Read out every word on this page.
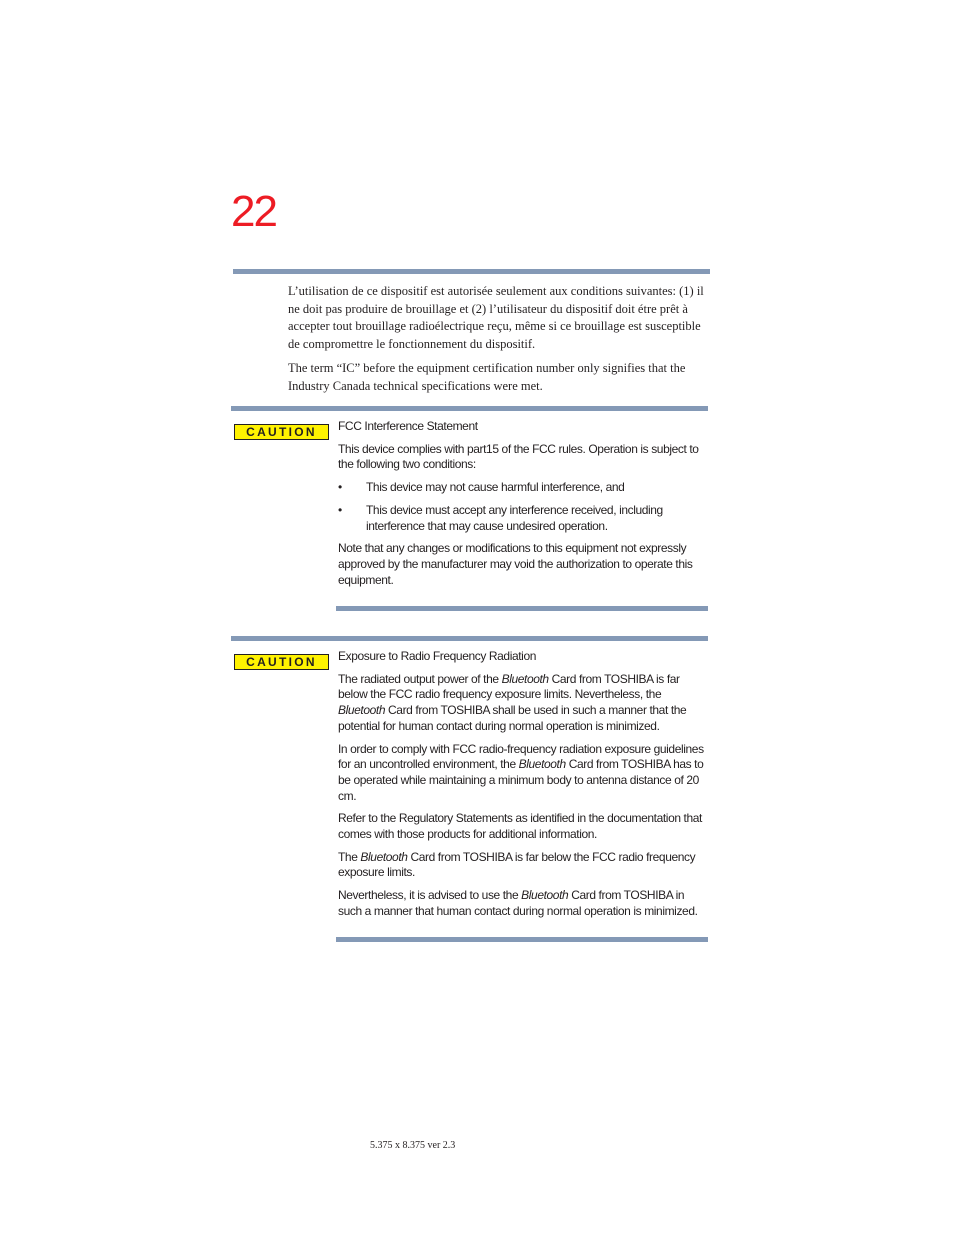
22

L’utilisation de ce dispositif est autorisée seulement aux conditions suivantes: (1) il ne doit pas produire de brouillage et (2) l’utilisateur du dispositif doit étre prêt à accepter tout brouillage radioélectrique reçu, même si ce brouillage est susceptible de compromettre le fonctionnement du dispositif.

The term “IC” before the equipment certification number only signifies that the Industry Canada technical specifications were met.

CAUTION	FCC Interference Statement

This device complies with part15 of the FCC rules. Operation is subject to the following two conditions:

• This device may not cause harmful interference, and
• This device must accept any interference received, including interference that may cause undesired operation.

Note that any changes or modifications to this equipment not expressly approved by the manufacturer may void the authorization to operate this equipment.

CAUTION	Exposure to Radio Frequency Radiation

The radiated output power of the Bluetooth Card from TOSHIBA is far below the FCC radio frequency exposure limits. Nevertheless, the Bluetooth Card from TOSHIBA shall be used in such a manner that the potential for human contact during normal operation is minimized.

In order to comply with FCC radio-frequency radiation exposure guidelines for an uncontrolled environment, the Bluetooth Card from TOSHIBA has to be operated while maintaining a minimum body to antenna distance of 20 cm.

Refer to the Regulatory Statements as identified in the documentation that comes with those products for additional information.

The Bluetooth Card from TOSHIBA is far below the FCC radio frequency exposure limits.

Nevertheless, it is advised to use the Bluetooth Card from TOSHIBA in such a manner that human contact during normal operation is minimized.

5.375 x 8.375 ver 2.3
